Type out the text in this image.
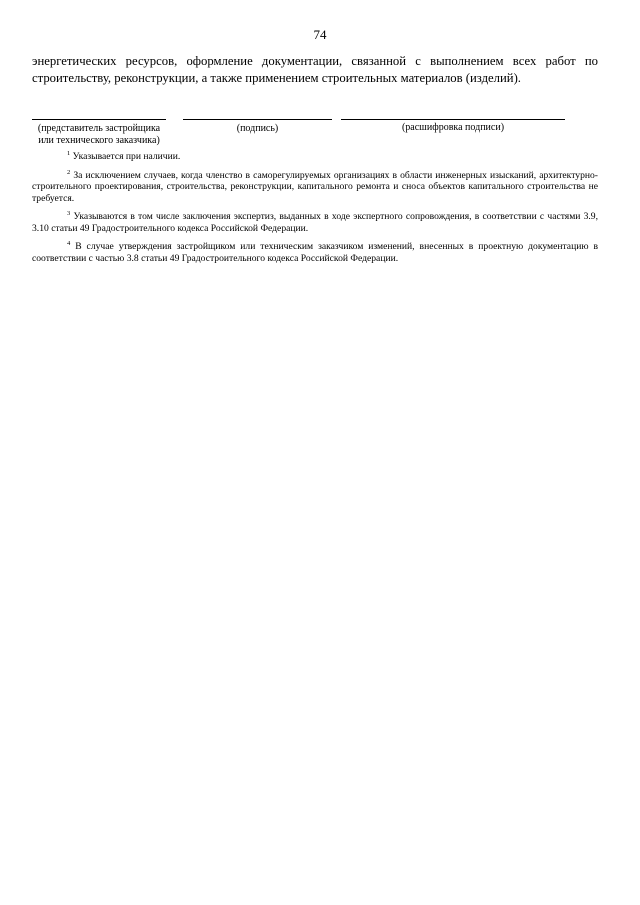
74
энергетических ресурсов, оформление документации, связанной с выполнением всех работ по строительству, реконструкции, а также применением строительных материалов (изделий).
(представитель застройщика или технического заказчика)
(подпись)	(расшифровка подписи)

$^1$ Указывается при наличии.

$^2$ За исключением случаев, когда членство в саморегулируемых организациях в области инженерных изысканий, архитектурно-строительного проектирования, строительства, реконструкции, капитального ремонта и сноса объектов капитального строительства не требуется.

$^3$ Указываются в том числе заключения экспертиз, выданных в ходе экспертного сопровождения, в соответствии с частями 3.9, 3.10 статьи 49 Градостроительного кодекса Российской Федерации.

$^4$ В случае утверждения застройщиком или техническим заказчиком изменений, внесенных в проектную документацию в соответствии с частью 3.8 статьи 49 Градостроительного кодекса Российской Федерации.
